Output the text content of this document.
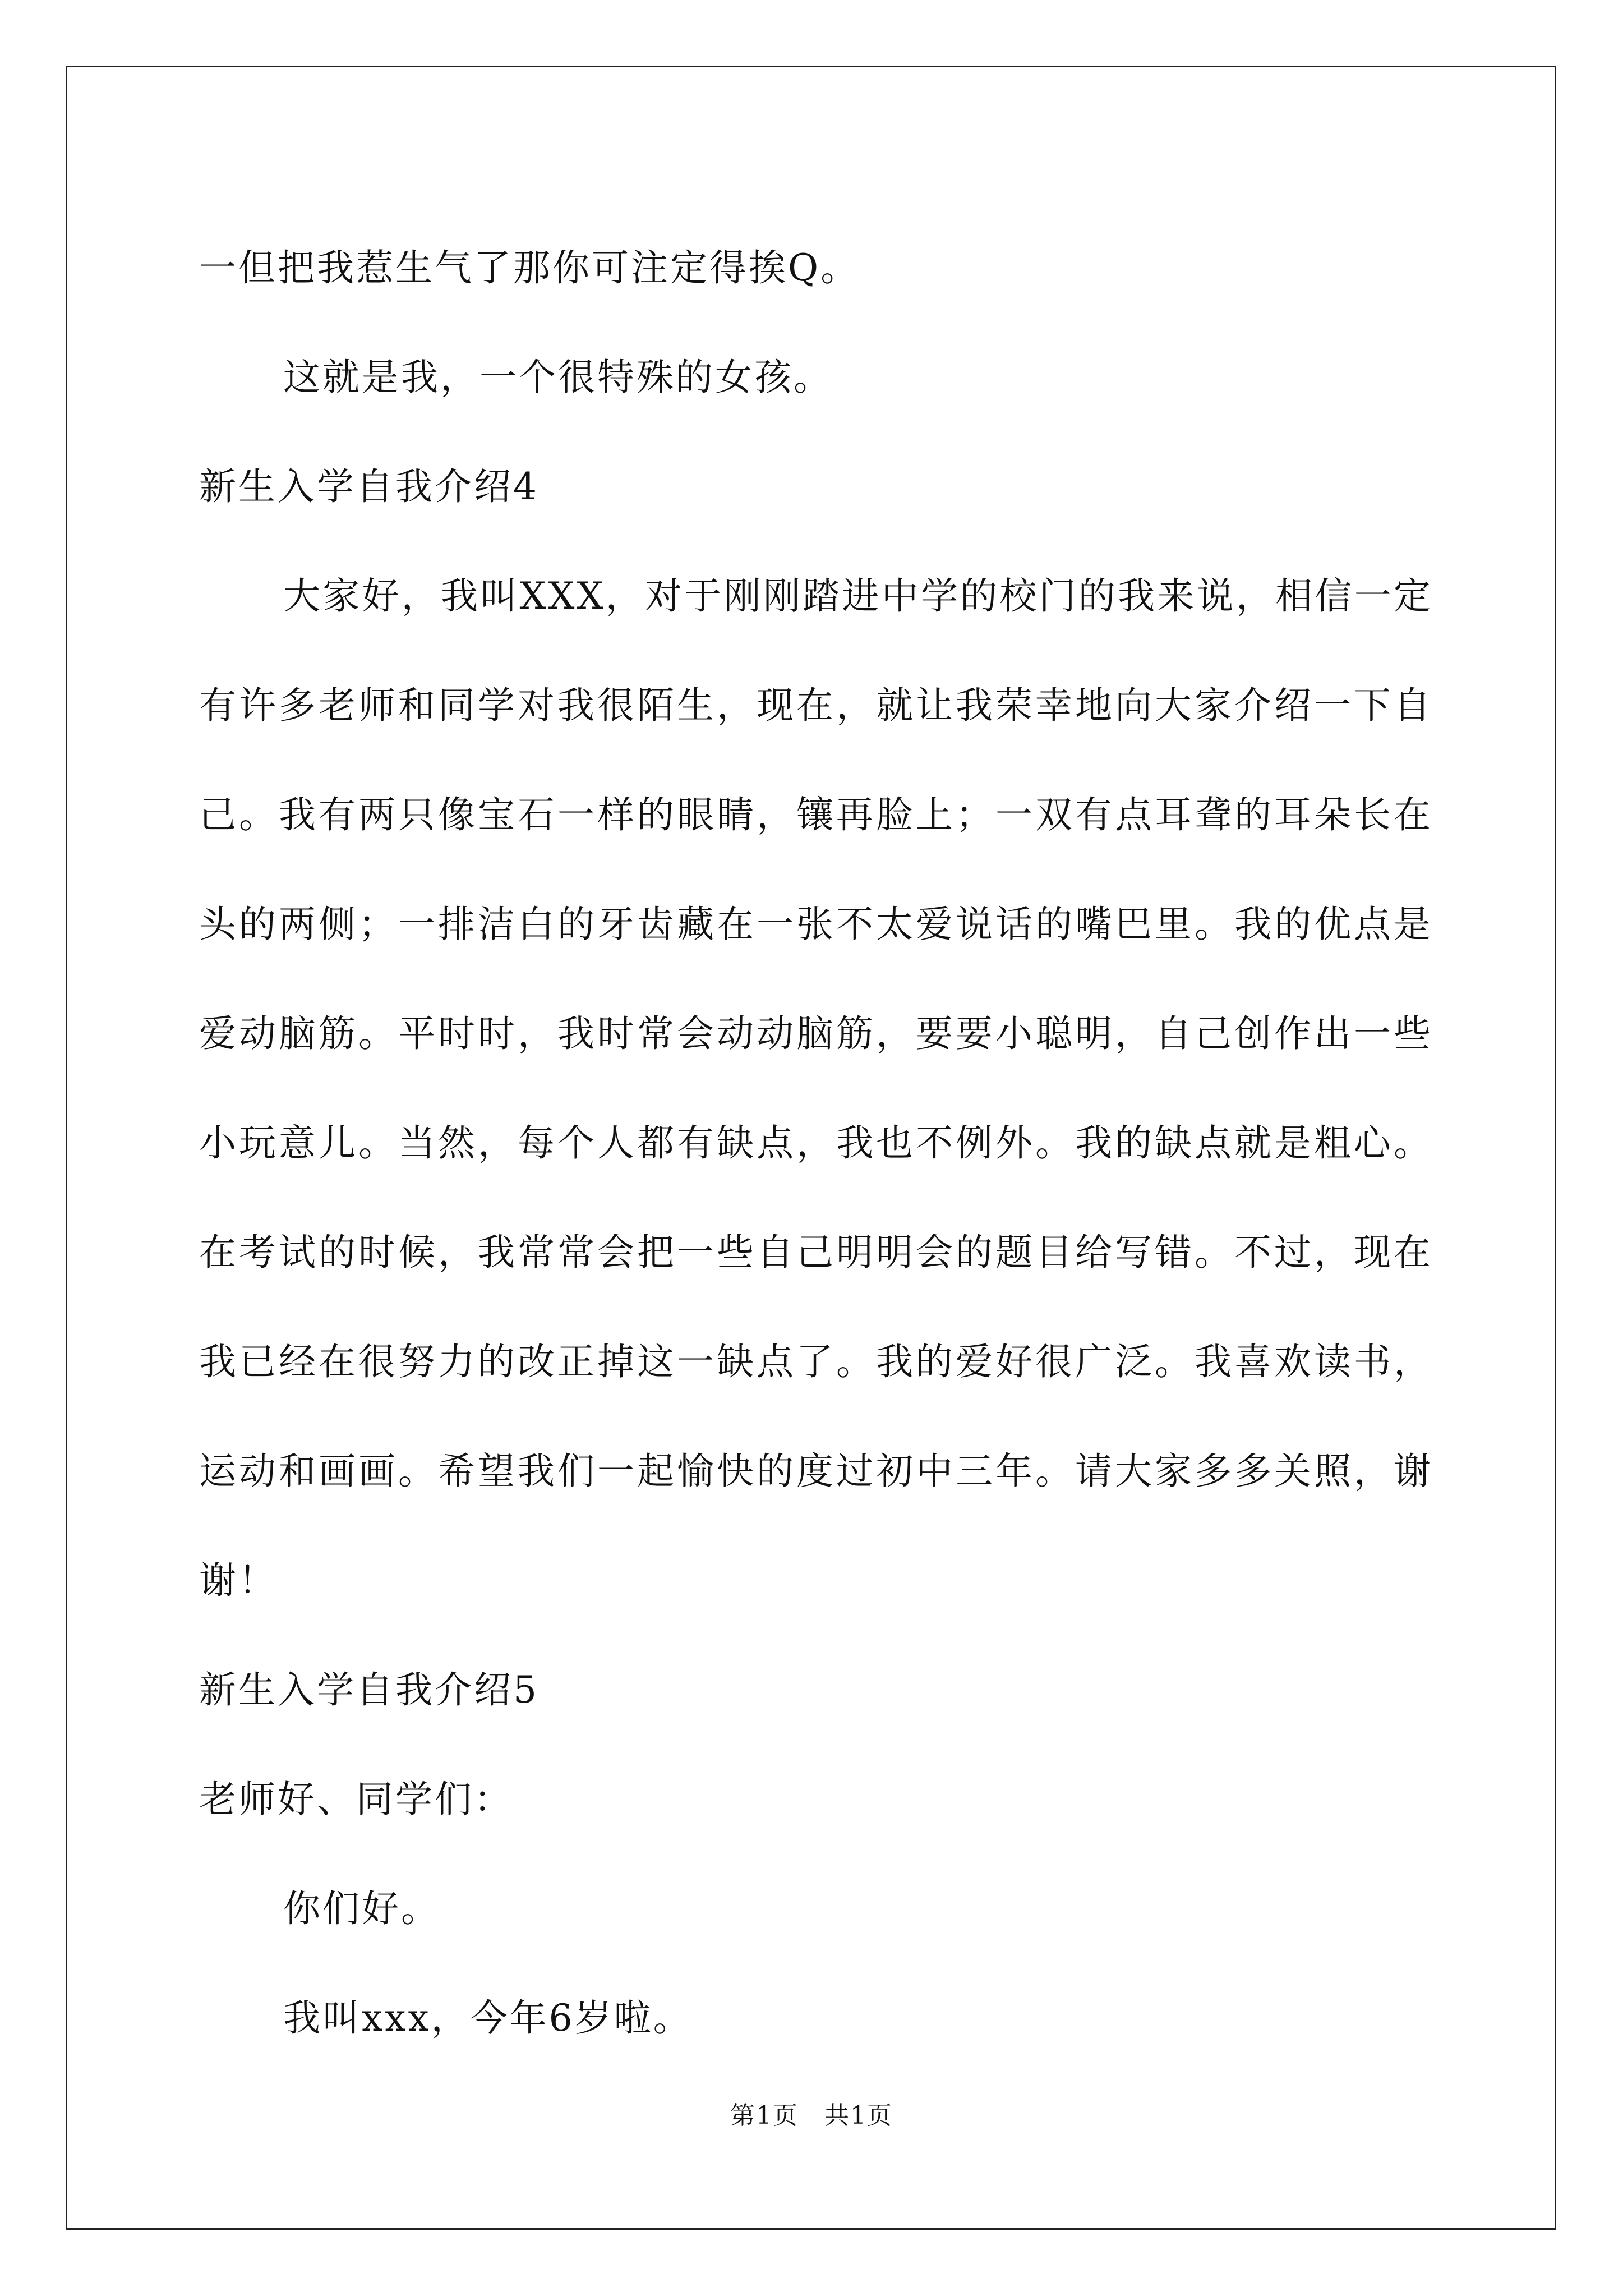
一但把我惹生气了那你可注定得挨Q。

这就是我，一个很特殊的女孩。

新生入学自我介绍4

大家好，我叫XXX，对于刚刚踏进中学的校门的我来说，相信一定有许多老师和同学对我很陌生，现在，就让我荣幸地向大家介绍一下自己。我有两只像宝石一样的眼睛，镶再脸上；一双有点耳聋的耳朵长在头的两侧；一排洁白的牙齿藏在一张不太爱说话的嘴巴里。我的优点是爱动脑筋。平时时，我时常会动动脑筋，要要小聪明，自己创作出一些小玩意儿。当然，每个人都有缺点，我也不例外。我的缺点就是粗心。在考试的时候，我常常会把一些自己明明会的题目给写错。不过，现在我已经在很努力的改正掉这一缺点了。我的爱好很广泛。我喜欢读书，运动和画画。希望我们一起愉快的度过初中三年。请大家多多关照，谢谢！

新生入学自我介绍5

老师好、同学们：

你们好。

我叫xxx，今年6岁啦。

第1页 共1页
